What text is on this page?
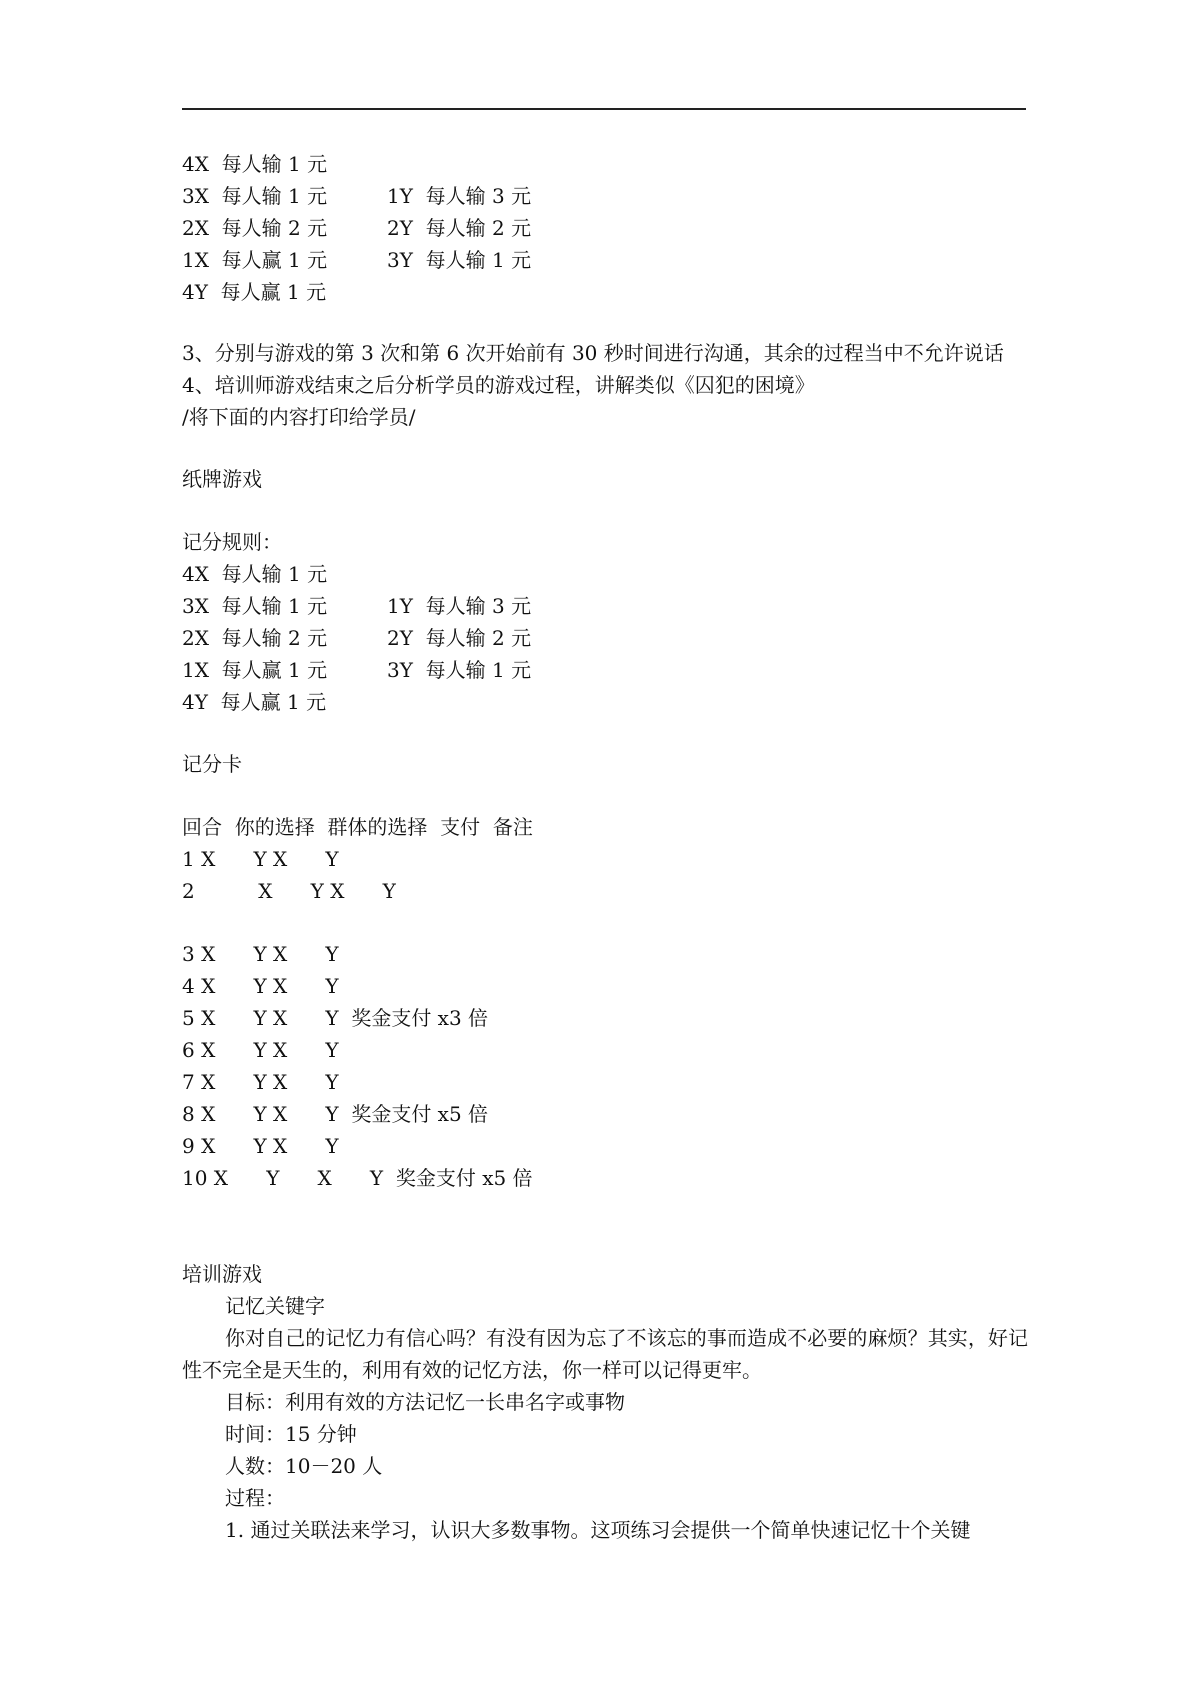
4X  每人输 1 元
3X  每人输 1 元	1Y  每人输 3 元
2X  每人输 2 元	2Y  每人输 2 元
1X  每人赢 1 元	3Y  每人输 1 元
4Y  每人赢 1 元
3、分别与游戏的第 3 次和第 6 次开始前有 30 秒时间进行沟通，其余的过程当中不允许说话
4、培训师游戏结束之后分析学员的游戏过程，讲解类似《囚犯的困境》
/将下面的内容打印给学员/
纸牌游戏
记分规则：
4X  每人输 1 元
3X  每人输 1 元	1Y  每人输 3 元
2X  每人输 2 元	2Y  每人输 2 元
1X  每人赢 1 元	3Y  每人输 1 元
4Y  每人赢 1 元
记分卡
回合  你的选择  群体的选择  支付  备注
1 X      Y X      Y
2          X      Y X      Y
3 X      Y X      Y
4 X      Y X      Y
5 X      Y X      Y  奖金支付 x3 倍
6 X      Y X      Y
7 X      Y X      Y
8 X      Y X      Y  奖金支付 x5 倍
9 X      Y X      Y
10 X      Y      X      Y  奖金支付 x5 倍
培训游戏
记忆关键字
你对自己的记忆力有信心吗？有没有因为忘了不该忘的事而造成不必要的麻烦？其实，好记性不完全是天生的，利用有效的记忆方法，你一样可以记得更牢。
目标：利用有效的方法记忆一长串名字或事物
时间：15 分钟
人数：10－20 人
过程：
1. 通过关联法来学习，认识大多数事物。这项练习会提供一个简单快速记忆十个关键
